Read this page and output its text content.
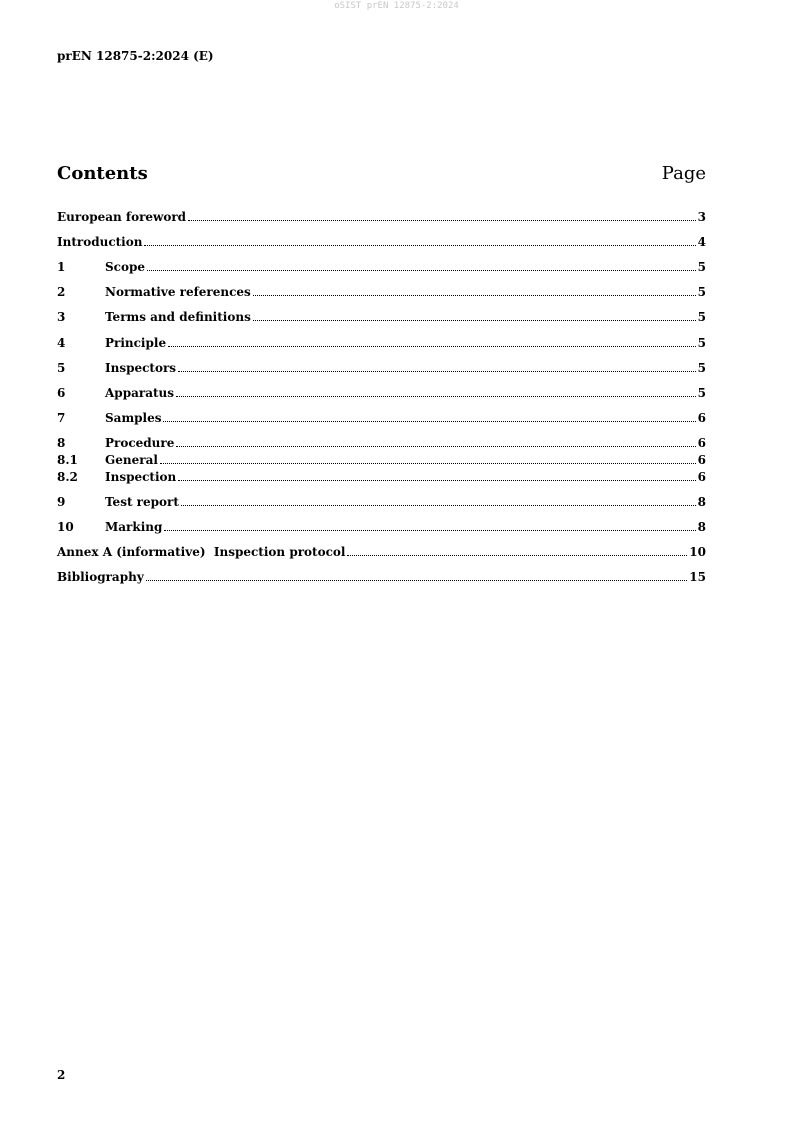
oSIST prEN 12875-2:2024
prEN 12875-2:2024 (E)
Contents	Page
European foreword	3
Introduction	4
1	Scope	5
2	Normative references	5
3	Terms and definitions	5
4	Principle	5
5	Inspectors	5
6	Apparatus	5
7	Samples	6
8	Procedure	6
8.1	General	6
8.2	Inspection	6
9	Test report	8
10	Marking	8
Annex A (informative)  Inspection protocol	10
Bibliography	15
2
